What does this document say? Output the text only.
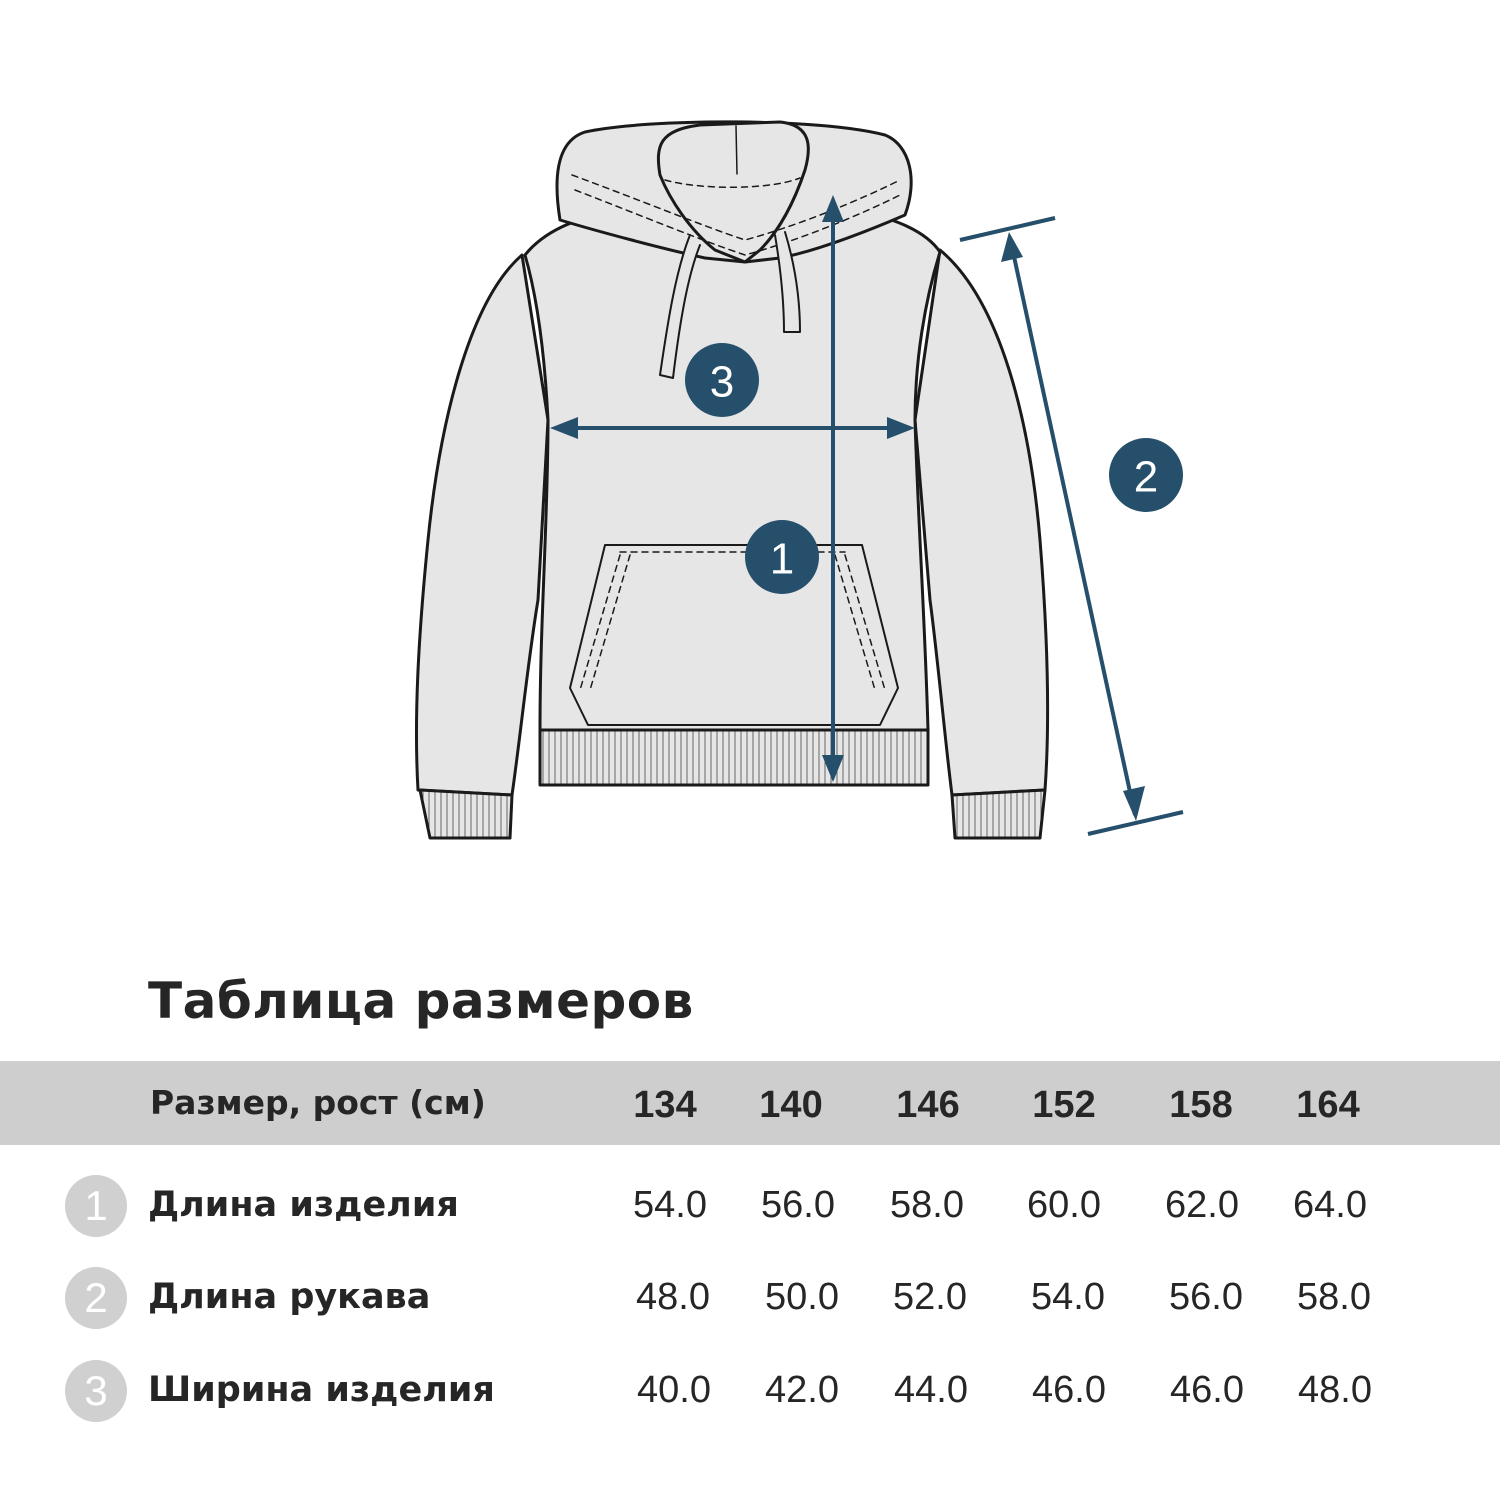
1
2
3
Таблица размеров
Размер, рост (см)	134	140	146	152	158	164
1	Длина изделия	54.0	56.0	58.0	60.0	62.0	64.0
2	Длина рукава	48.0	50.0	52.0	54.0	56.0	58.0
3	Ширина изделия	40.0	42.0	44.0	46.0	46.0	48.0
